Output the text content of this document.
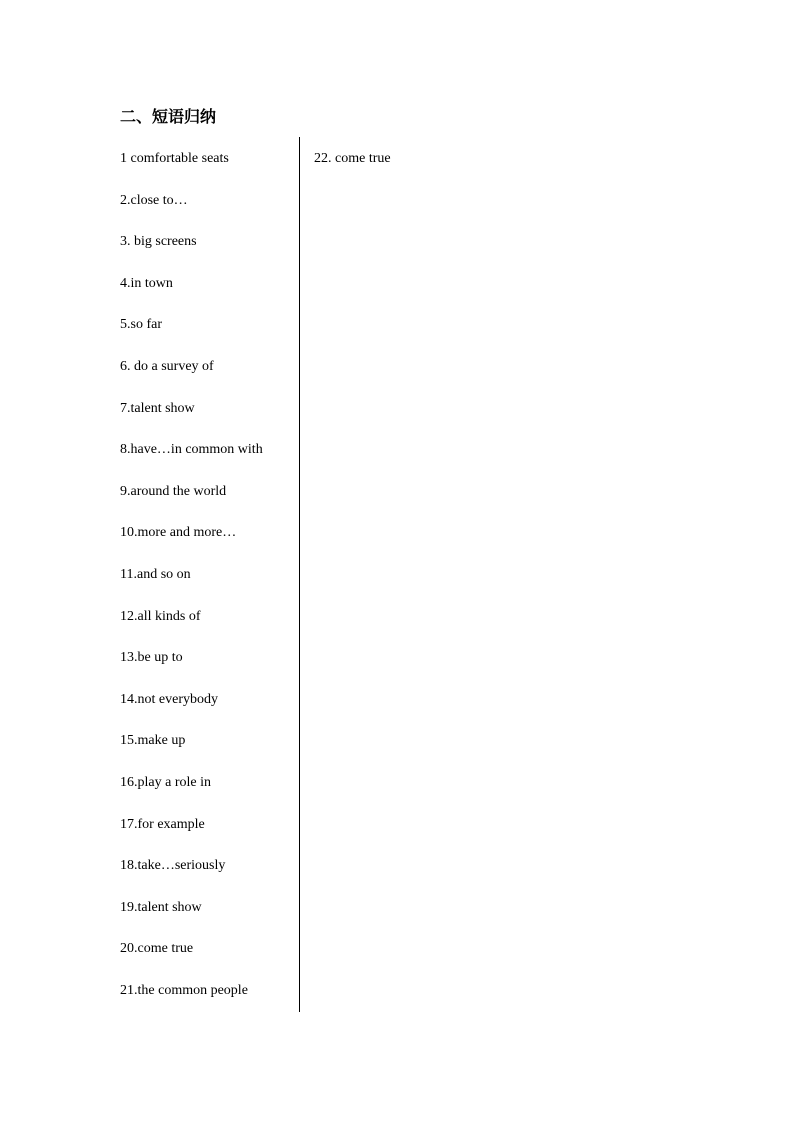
二、短语归纳
1 comfortable seats
2.close to…
3. big screens
4.in town
5.so far
6. do a survey of
7.talent show
8.have…in common with
9.around the world
10.more and more…
11.and so on
12.all kinds of
13.be up to
14.not everybody
15.make up
16.play a role in
17.for example
18.take…seriously
19.talent show
20.come true
21.the common people
22. come true
